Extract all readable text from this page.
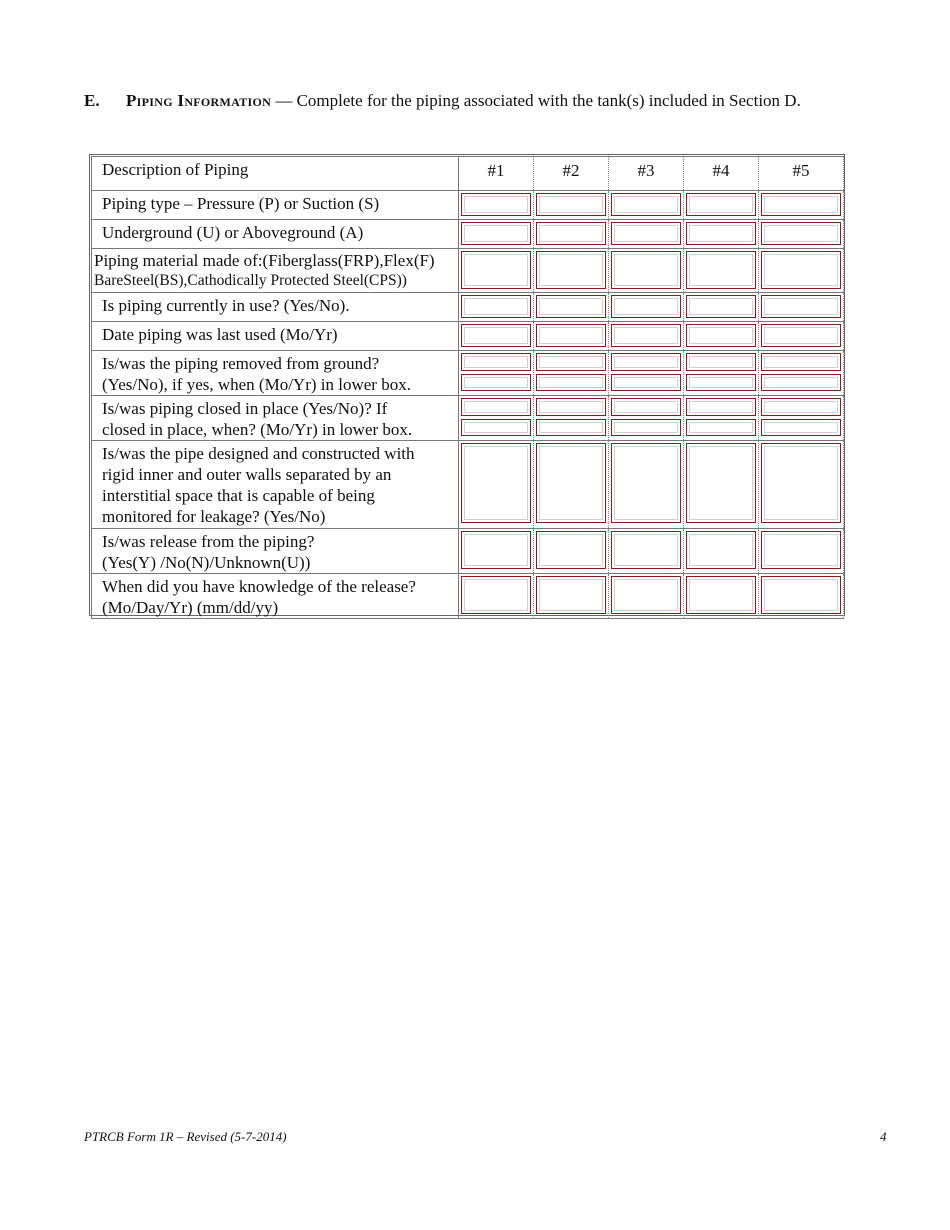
E. Piping Information — Complete for the piping associated with the tank(s) included in Section D.
Description of Piping	#1	#2	#3	#4	#5
Piping type – Pressure (P) or Suction (S)	

Underground (U) or Aboveground (A)	

Piping material made of:(Fiberglass(FRP),Flex(F)
BareSteel(BS),Cathodically Protected Steel(CPS))					

Is piping currently in use? (Yes/No).	

Date piping was last used (Mo/Yr)	

Is/was the piping removed from ground?
(Yes/No), if yes, when (Mo/Yr) in lower box.					

Is/was piping closed in place (Yes/No)? If
closed in place, when? (Mo/Yr) in lower box.					

Is/was the pipe designed and constructed with
rigid inner and outer walls separated by an
interstitial space that is capable of being
monitored for leakage? (Yes/No)					

Is/was release from the piping?
(Yes(Y) /No(N)/Unknown(U))					

When did you have knowledge of the release?
(Mo/Day/Yr) (mm/dd/yy)					

PTRCB Form 1R – Revised (5-7-2014)	4
